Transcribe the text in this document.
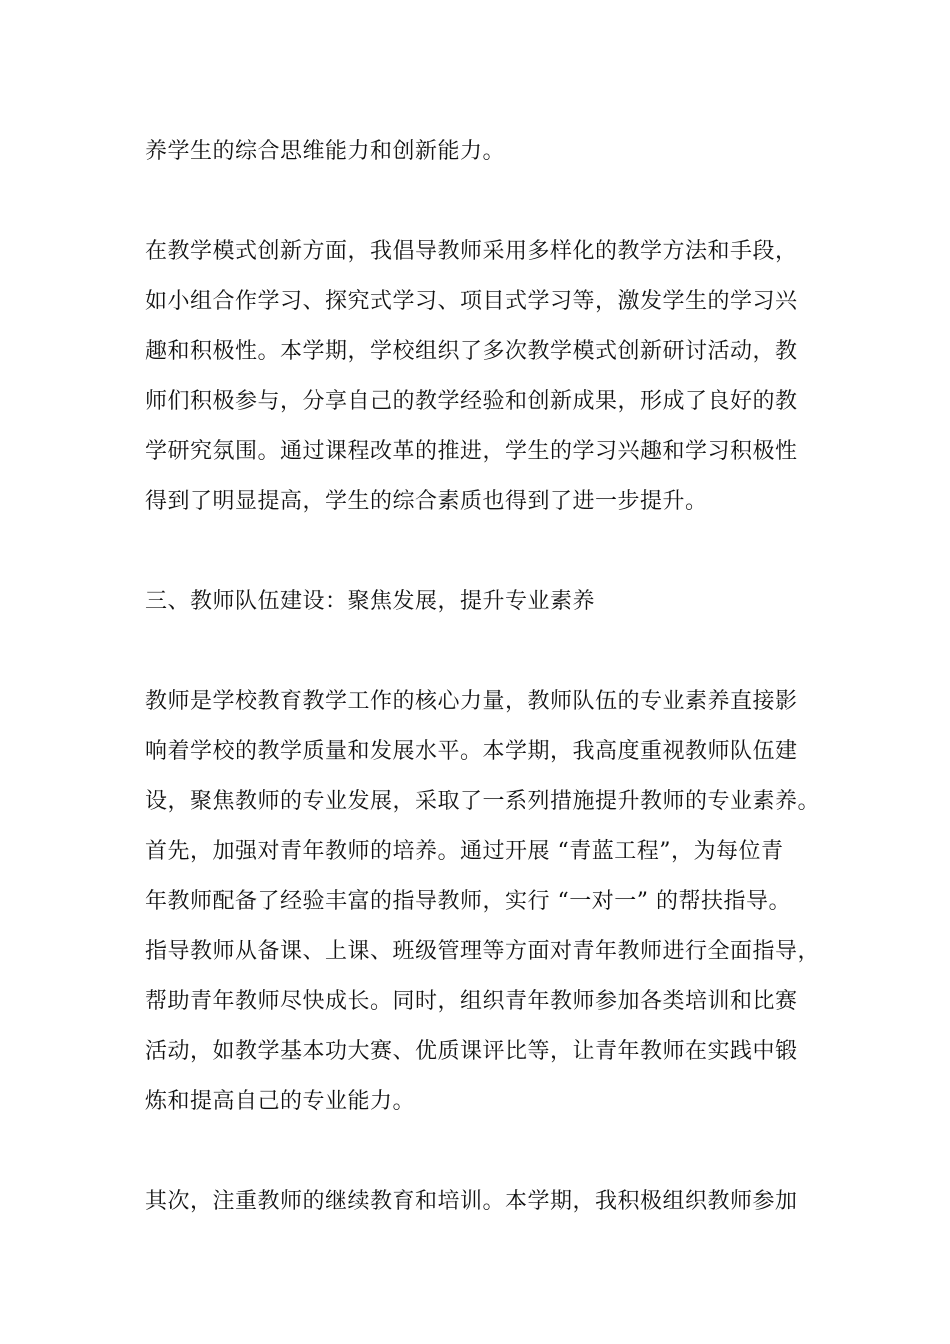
养学生的综合思维能力和创新能力。
在教学模式创新方面，我倡导教师采用多样化的教学方法和手段，
如小组合作学习、探究式学习、项目式学习等，激发学生的学习兴
趣和积极性。本学期，学校组织了多次教学模式创新研讨活动，教
师们积极参与，分享自己的教学经验和创新成果，形成了良好的教
学研究氛围。通过课程改革的推进，学生的学习兴趣和学习积极性
得到了明显提高，学生的综合素质也得到了进一步提升。
三、教师队伍建设：聚焦发展，提升专业素养
教师是学校教育教学工作的核心力量，教师队伍的专业素养直接影
响着学校的教学质量和发展水平。本学期，我高度重视教师队伍建
设，聚焦教师的专业发展，采取了一系列措施提升教师的专业素养。
首先，加强对青年教师的培养。通过开展 “青蓝工程”，为每位青
年教师配备了经验丰富的指导教师，实行 “一对一” 的帮扶指导。
指导教师从备课、上课、班级管理等方面对青年教师进行全面指导，
帮助青年教师尽快成长。同时，组织青年教师参加各类培训和比赛
活动，如教学基本功大赛、优质课评比等，让青年教师在实践中锻
炼和提高自己的专业能力。
其次，注重教师的继续教育和培训。本学期，我积极组织教师参加
